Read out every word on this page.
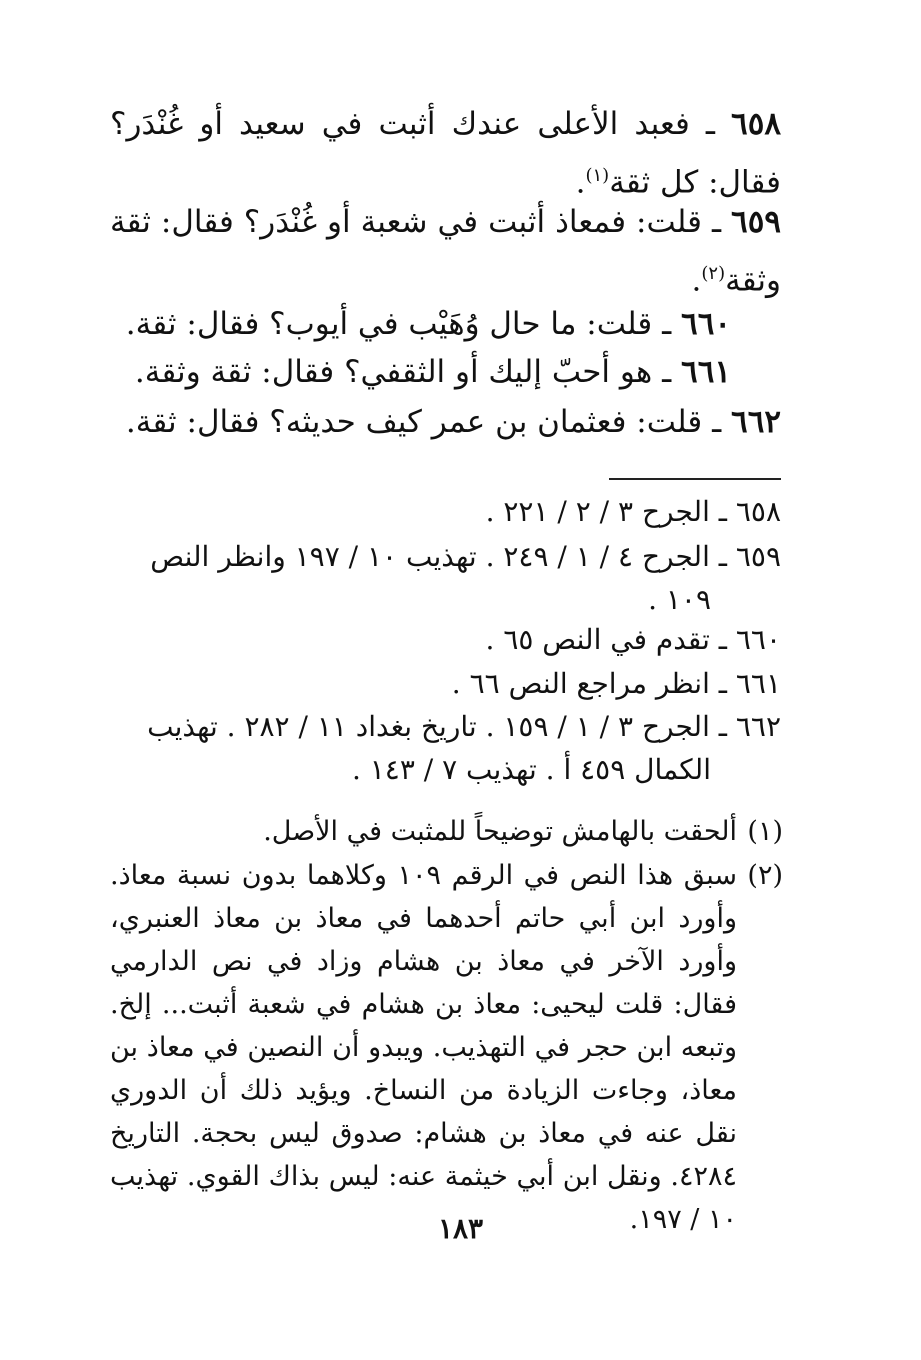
٦٥٨ ـ فعبد الأعلى عندك أثبت في سعيد أو غُنْدَر؟ فقال: كل ثقة$^{(١)}$.
٦٥٩ ـ قلت: فمعاذ أثبت في شعبة أو غُنْدَر؟ فقال: ثقة وثقة$^{(٢)}$.
٦٦٠ ـ قلت: ما حال وُهَيْب في أيوب؟ فقال: ثقة.
٦٦١ ـ هو أحبّ إليك أو الثقفي؟ فقال: ثقة وثقة.
٦٦٢ ـ قلت: فعثمان بن عمر كيف حديثه؟ فقال: ثقة.
٦٥٨ ـ الجرح ٣ / ٢ / ٢٢١ .
٦٥٩ ـ الجرح ٤ / ١ / ٢٤٩ . تهذيب ١٠ / ١٩٧ وانظر النص
١٠٩ .
٦٦٠ ـ تقدم في النص ٦٥ .
٦٦١ ـ انظر مراجع النص ٦٦ .
٦٦٢ ـ الجرح ٣ / ١ / ١٥٩ . تاريخ بغداد ١١ / ٢٨٢ . تهذيب
الكمال ٤٥٩ أ . تهذيب ٧ / ١٤٣ .
(١)
ألحقت بالهامش توضيحاً للمثبت في الأصل.
(٢)
سبق هذا النص في الرقم ١٠٩ وكلاهما بدون نسبة معاذ. وأورد ابن أبي حاتم أحدهما في معاذ بن معاذ العنبري، وأورد الآخر في معاذ بن هشام وزاد في نص الدارمي فقال: قلت ليحيى: معاذ بن هشام في شعبة أثبت... إلخ. وتبعه ابن حجر في التهذيب. ويبدو أن النصين في معاذ بن معاذ، وجاءت الزيادة من النساخ. ويؤيد ذلك أن الدوري نقل عنه في معاذ بن هشام: صدوق ليس بحجة. التاريخ ٤٢٨٤. ونقل ابن أبي خيثمة عنه: ليس بذاك القوي. تهذيب ١٠ / ١٩٧.
١٨٣
